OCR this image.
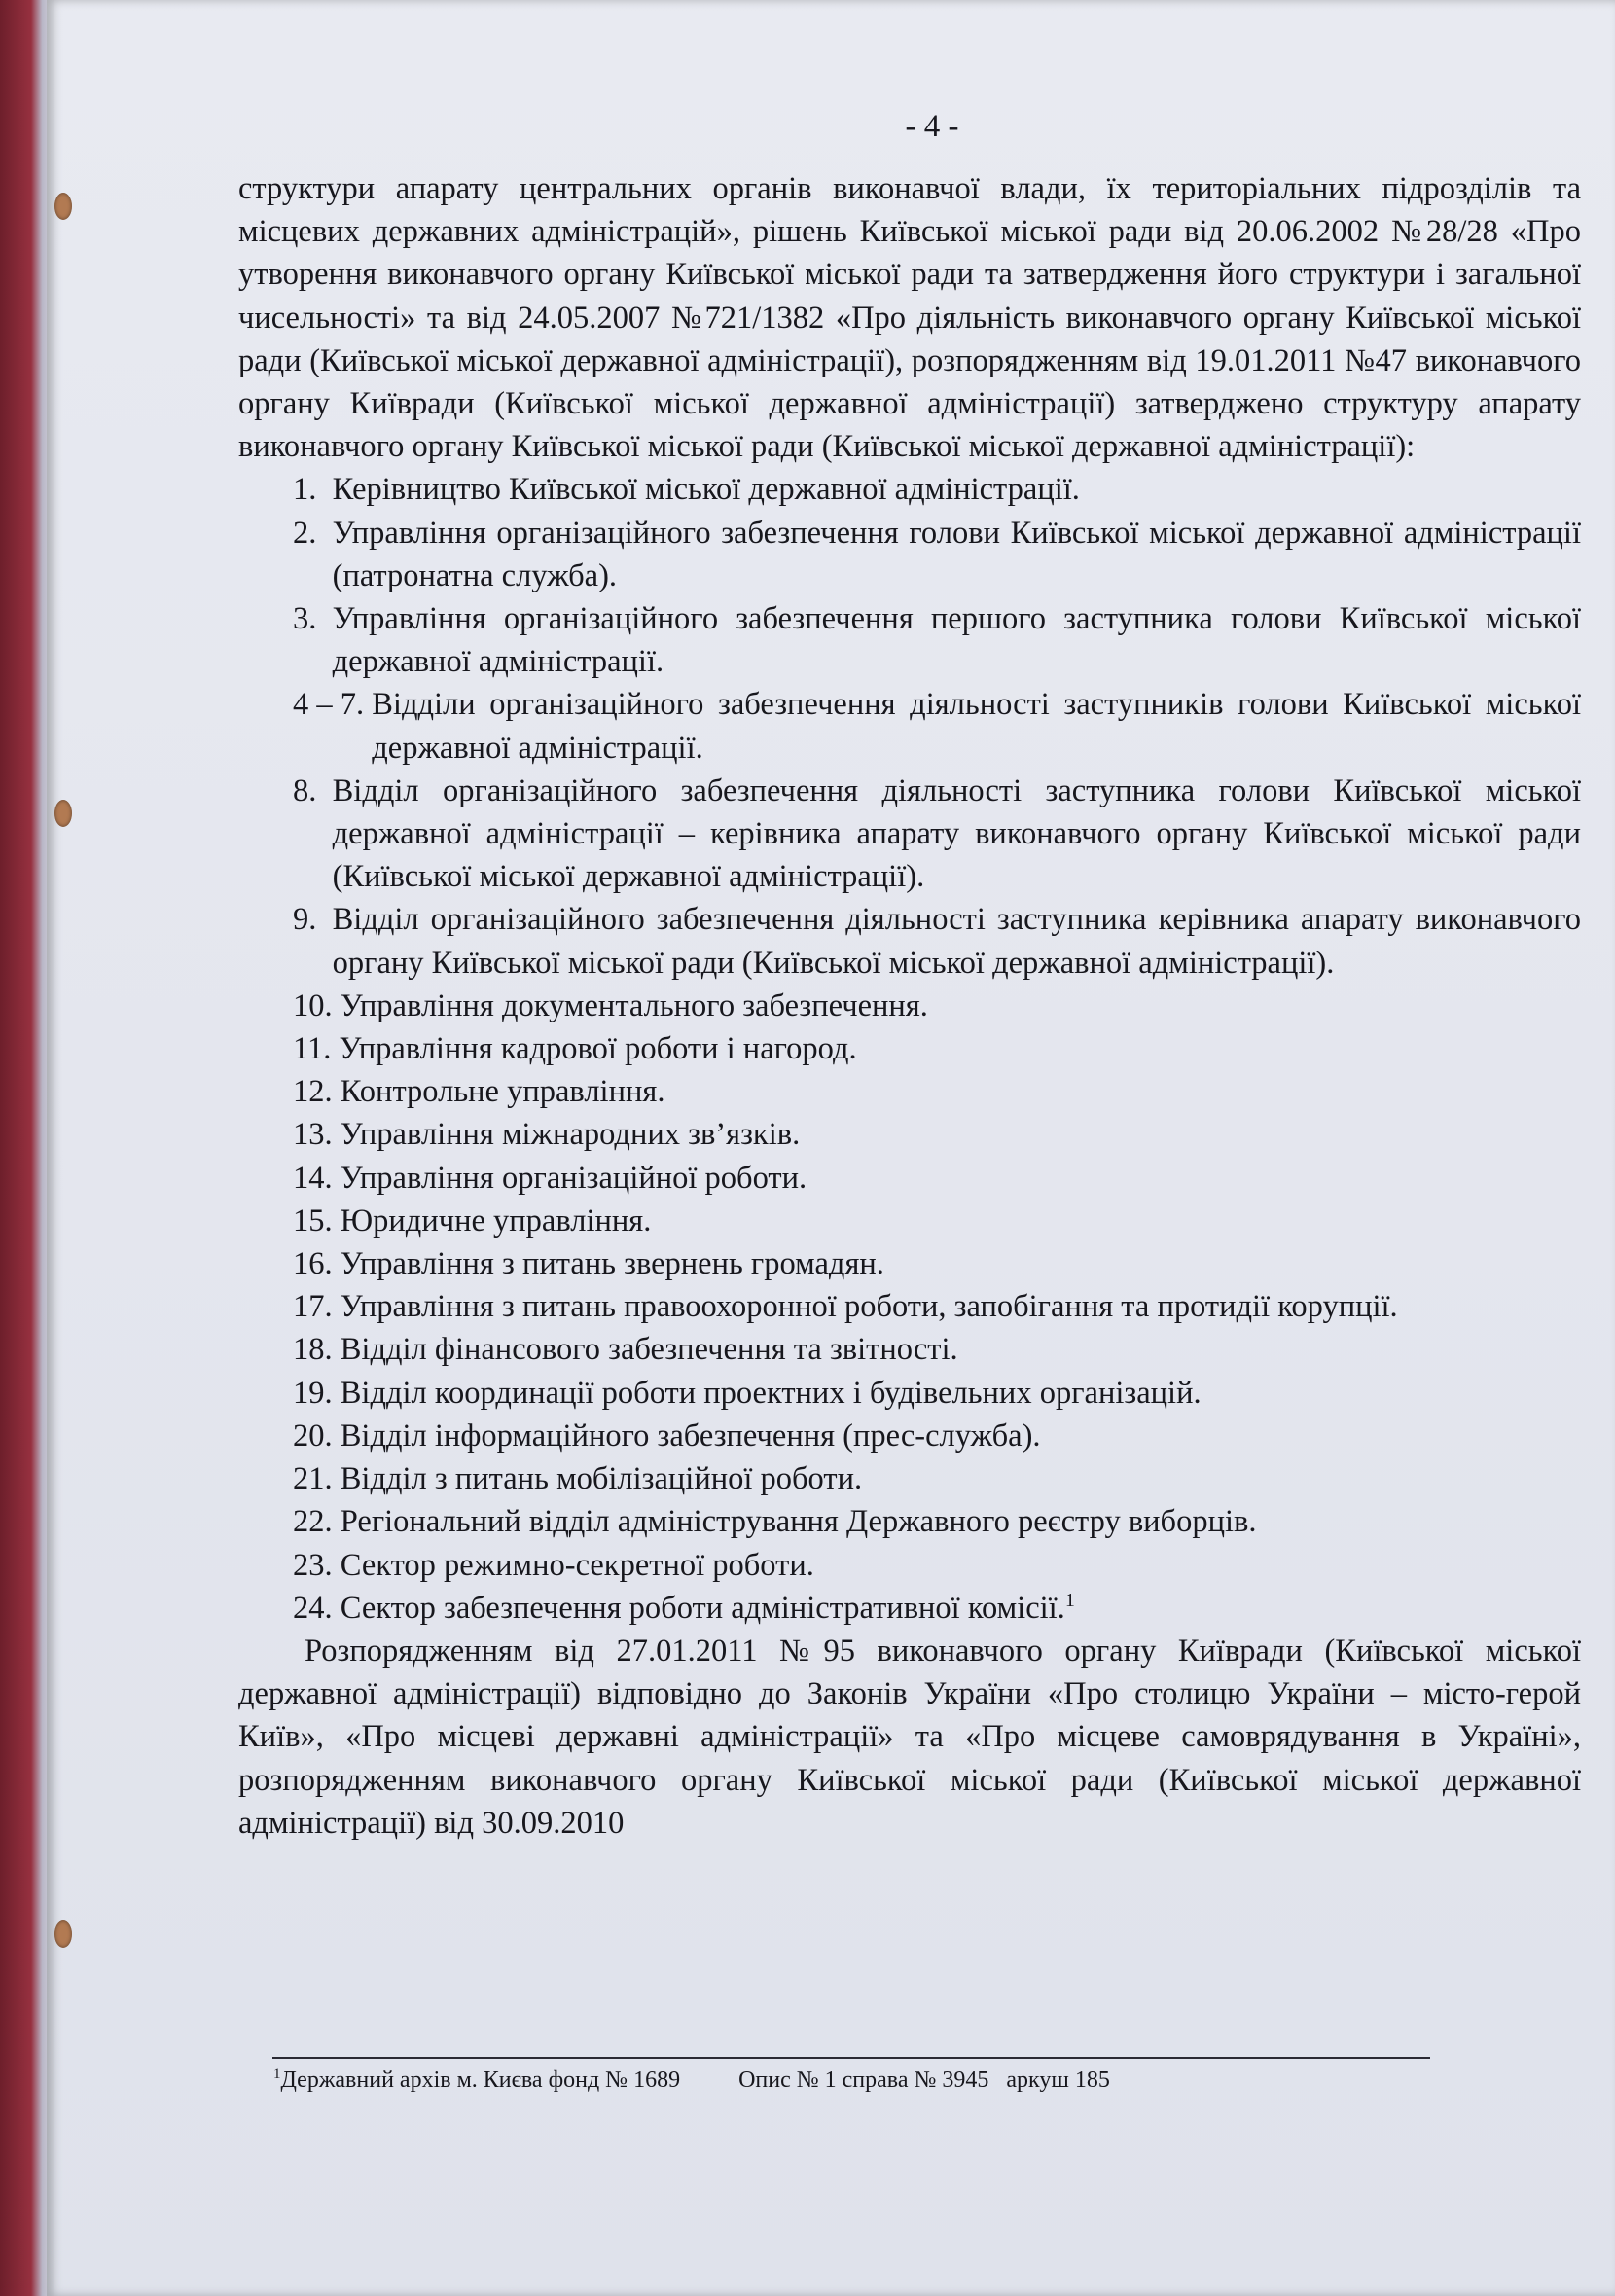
- 4 -

структури апарату центральних органів виконавчої влади, їх територіальних підрозділів та місцевих державних адміністрацій», рішень Київської міської ради від 20.06.2002 №28/28 «Про утворення виконавчого органу Київської міської ради та затвердження його структури і загальної чисельності» та від 24.05.2007 №721/1382 «Про діяльність виконавчого органу Київської міської ради (Київської міської державної адміністрації), розпорядженням від 19.01.2011 №47 виконавчого органу Київради (Київської міської державної адміністрації) затверджено структуру апарату виконавчого органу Київської міської ради (Київської міської державної адміністрації):

1. Керівництво Київської міської державної адміністрації.
2. Управління організаційного забезпечення голови Київської міської державної адміністрації (патронатна служба).
3. Управління організаційного забезпечення першого заступника голови Київської міської державної адміністрації.
4 – 7. Відділи організаційного забезпечення діяльності заступників голови Київської міської державної адміністрації.
8. Відділ організаційного забезпечення діяльності заступника голови Київської міської державної адміністрації – керівника апарату виконавчого органу Київської міської ради (Київської міської державної адміністрації).
9. Відділ організаційного забезпечення діяльності заступника керівника апарату виконавчого органу Київської міської ради (Київської міської державної адміністрації).
10. Управління документального забезпечення.
11. Управління кадрової роботи і нагород.
12. Контрольне управління.
13. Управління міжнародних зв’язків.
14. Управління організаційної роботи.
15. Юридичне управління.
16. Управління з питань звернень громадян.
17. Управління з питань правоохоронної роботи, запобігання та протидії корупції.
18. Відділ фінансового забезпечення та звітності.
19. Відділ координації роботи проектних і будівельних організацій.
20. Відділ інформаційного забезпечення (прес-служба).
21. Відділ з питань мобілізаційної роботи.
22. Регіональний відділ адміністрування Державного реєстру виборців.
23. Сектор режимно-секретної роботи.
24. Сектор забезпечення роботи адміністративної комісії.$^1$

Розпорядженням від 27.01.2011 №95 виконавчого органу Київради (Київської міської державної адміністрації) відповідно до Законів України «Про столицю України – місто-герой Київ», «Про місцеві державні адміністрації» та «Про місцеве самоврядування в Україні», розпорядженням виконавчого органу Київської міської ради (Київської міської державної адміністрації) від 30.09.2010

$^1$Державний архів м. Києва фонд № 1689	Опис № 1 справа № 3945   аркуш 185
